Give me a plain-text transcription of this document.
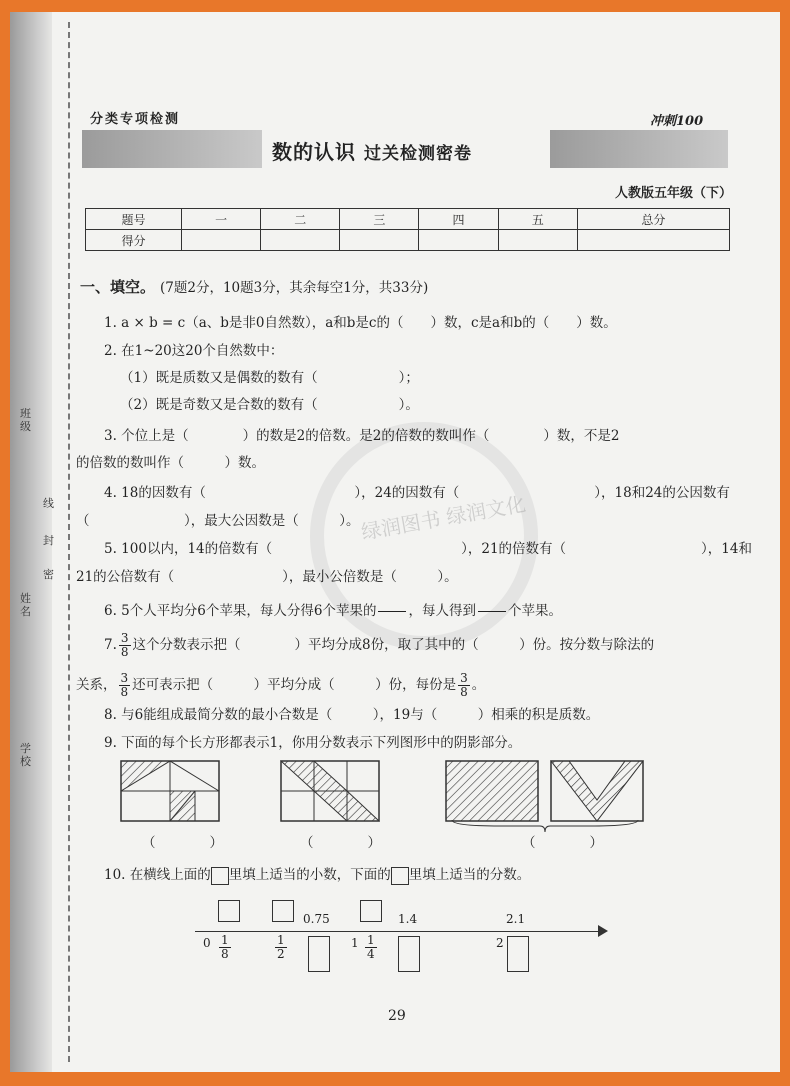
班级
线
封
密
姓名
学校
绿润图书 绿润文化
分类专项检测	冲刺100
数的认识 过关检测密卷
人教版五年级（下）
题号	一	二	三	四	五	总分
得分						
一、填空。 (7题2分，10题3分，其余每空1分，共33分)
1. a × b = c（a、b是非0自然数），a和b是c的（　　）数，c是a和b的（　　）数。
2. 在1~20这20个自然数中：
（1）既是质数又是偶数的数有（　　　　　　）；
（2）既是奇数又是合数的数有（　　　　　　）。
3. 个位上是（　　　　）的数是2的倍数。是2的倍数的数叫作（　　　　）数，不是2
的倍数的数叫作（　　　）数。
4. 18的因数有（　　　　　　　　　　　），24的因数有（　　　　　　　　　　），18和24的公因数有
（　　　　　　　），最大公因数是（　　　）。
5. 100以内，14的倍数有（　　　　　　　　　　　　　　），21的倍数有（　　　　　　　　　　），14和
21的公倍数有（　　　　　　　　），最小公倍数是（　　　）。
6. 5个人平均分6个苹果，每人分得6个苹果的

　　 ，每人得到

　　 个苹果。
7. $\frac{3}{8}$ 这个分数表示把（　　　　）平均分成8份，取了其中的（　　　）份。按分数与除法的
关系， $\frac{3}{8}$ 还可表示把（　　　）平均分成（　　　）份，每份是 $\frac{3}{8}$ 。
8. 与6能组成最简分数的最小合数是（　　　），19与（　　　）相乘的积是质数。
9. 下面的每个长方形都表示1，你用分数表示下列图形中的阴影部分。
（　　　　）	（　　　　）	（　　　　）
10. 在横线上面的 里填上适当的小数，下面的 里填上适当的分数。
0.75	1.4	2.1
0	1	2
$\frac{1}{8}$	$\frac{1}{2}$	$\frac{1}{4}$
29
